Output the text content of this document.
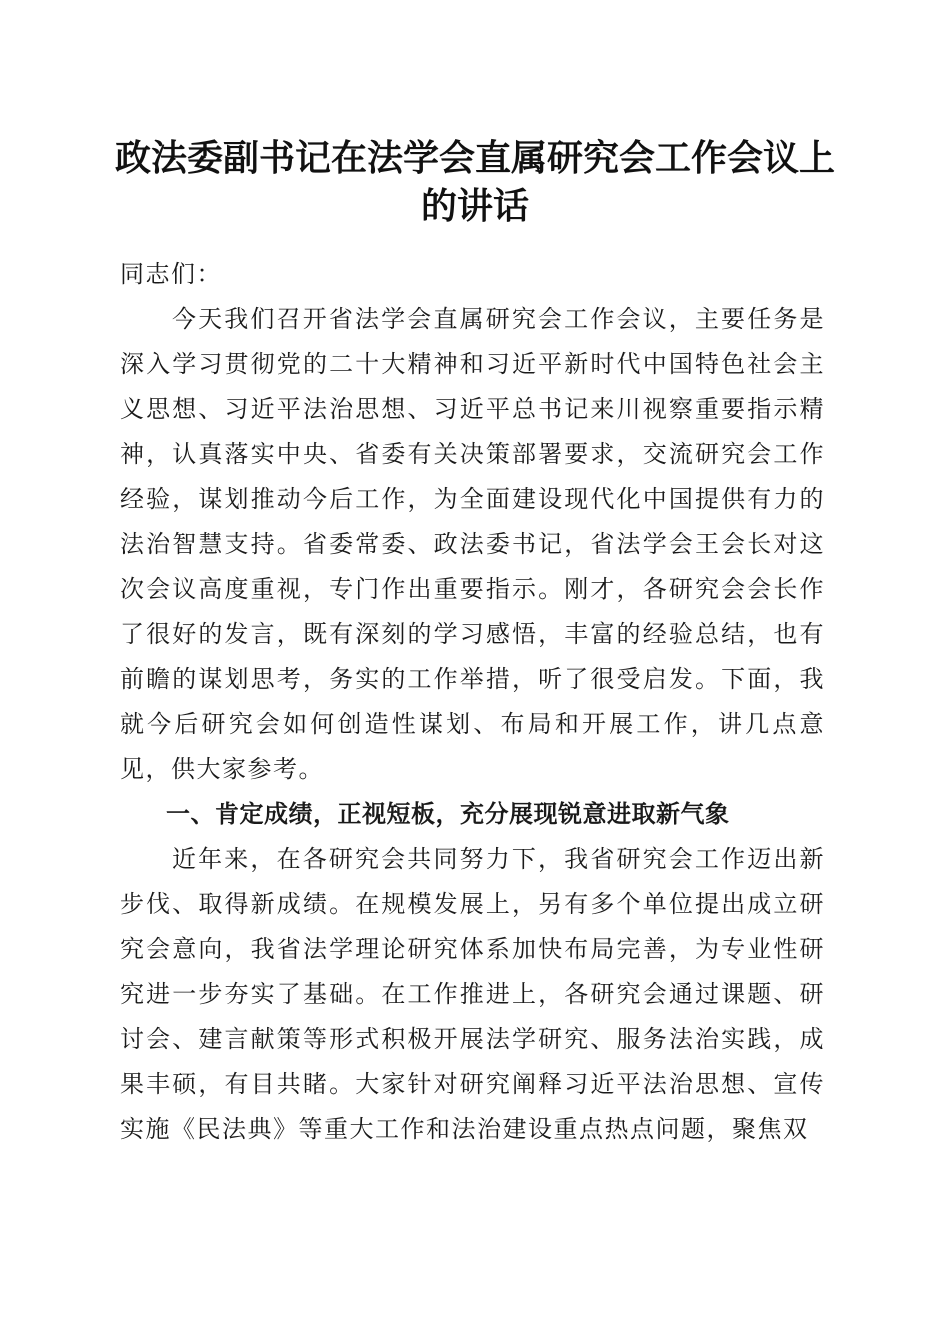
政法委副书记在法学会直属研究会工作会议上的讲话

同志们：

今天我们召开省法学会直属研究会工作会议，主要任务是深入学习贯彻党的二十大精神和习近平新时代中国特色社会主义思想、习近平法治思想、习近平总书记来川视察重要指示精神，认真落实中央、省委有关决策部署要求，交流研究会工作经验，谋划推动今后工作，为全面建设现代化中国提供有力的法治智慧支持。省委常委、政法委书记，省法学会王会长对这次会议高度重视，专门作出重要指示。刚才，各研究会会长作了很好的发言，既有深刻的学习感悟，丰富的经验总结，也有前瞻的谋划思考，务实的工作举措，听了很受启发。下面，我就今后研究会如何创造性谋划、布局和开展工作，讲几点意见，供大家参考。

一、肯定成绩，正视短板，充分展现锐意进取新气象

近年来，在各研究会共同努力下，我省研究会工作迈出新步伐、取得新成绩。在规模发展上，另有多个单位提出成立研究会意向，我省法学理论研究体系加快布局完善，为专业性研究进一步夯实了基础。在工作推进上，各研究会通过课题、研讨会、建言献策等形式积极开展法学研究、服务法治实践，成果丰硕，有目共睹。大家针对研究阐释习近平法治思想、宣传实施《民法典》等重大工作和法治建设重点热点问题，聚焦双
